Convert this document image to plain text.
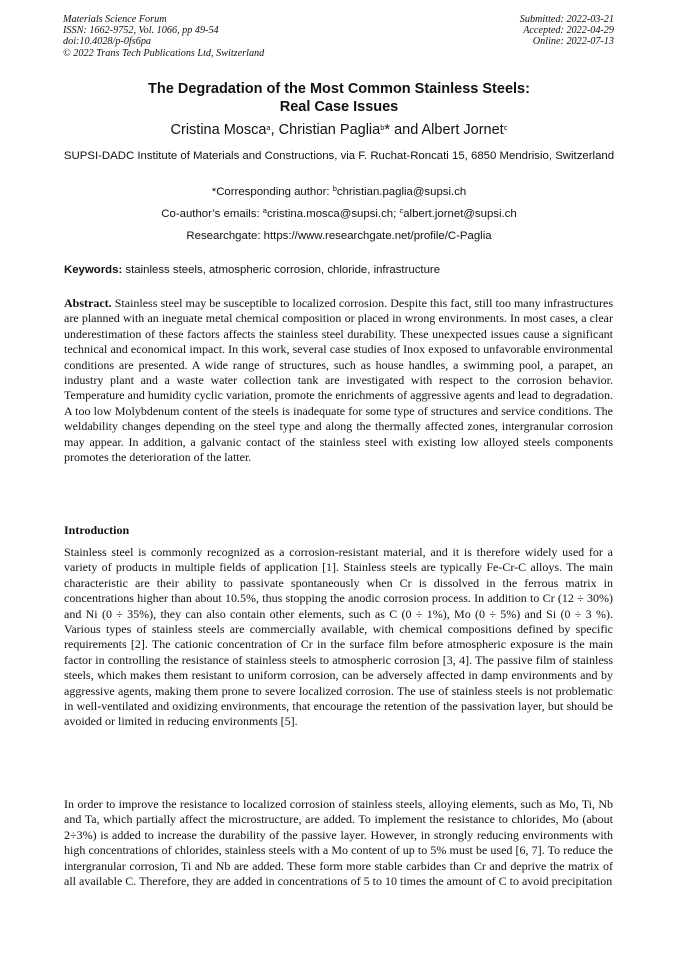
Materials Science Forum
ISSN: 1662-9752, Vol. 1066, pp 49-54
doi:10.4028/p-0fs6pa
© 2022 Trans Tech Publications Ltd, Switzerland
Submitted: 2022-03-21
Accepted: 2022-04-29
Online: 2022-07-13
The Degradation of the Most Common Stainless Steels:
Real Case Issues
Cristina Mosca$^a$, Christian Paglia$^b$* and Albert Jornet$^c$
SUPSI-DADC Institute of Materials and Constructions, via F. Ruchat-Roncati 15, 6850 Mendrisio, Switzerland
*Corresponding author: $^b$christian.paglia@supsi.ch
Co-author’s emails: $^a$cristina.mosca@supsi.ch; $^c$albert.jornet@supsi.ch
Researchgate: https://www.researchgate.net/profile/C-Paglia
Keywords: stainless steels, atmospheric corrosion, chloride, infrastructure
Abstract. Stainless steel may be susceptible to localized corrosion. Despite this fact, still too many infrastructures are planned with an ineguate metal chemical composition or placed in wrong environments. In most cases, a clear underestimation of these factors affects the stainless steel durability. These unexpected issues cause a significant technical and economical impact. In this work, several case studies of Inox exposed to unfavorable environmental conditions are presented. A wide range of structures, such as house handles, a swimming pool, a parapet, an industry plant and a waste water collection tank are investigated with respect to the corrosion behavior. Temperature and humidity cyclic variation, promote the enrichments of aggressive agents and lead to degradation. A too low Molybdenum content of the steels is inadequate for some type of structures and service conditions. The weldability changes depending on the steel type and along the thermally affected zones, intergranular corrosion may appear. In addition, a galvanic contact of the stainless steel with existing low alloyed steels components promotes the deterioration of the latter.
Introduction
Stainless steel is commonly recognized as a corrosion-resistant material, and it is therefore widely used for a variety of products in multiple fields of application [1]. Stainless steels are typically Fe-Cr-C alloys. The main characteristic are their ability to passivate spontaneously when Cr is dissolved in the ferrous matrix in concentrations higher than about 10.5%, thus stopping the anodic corrosion process. In addition to Cr (12 ÷ 30%) and Ni (0 ÷ 35%), they can also contain other elements, such as C (0 ÷ 1%), Mo (0 ÷ 5%) and Si (0 ÷ 3 %). Various types of stainless steels are commercially available, with chemical compositions defined by specific requirements [2]. The cationic concentration of Cr in the surface film before atmospheric exposure is the main factor in controlling the resistance of stainless steels to atmospheric corrosion [3, 4]. The passive film of stainless steels, which makes them resistant to uniform corrosion, can be adversely affected in damp environments and by aggressive agents, making them prone to severe localized corrosion. The use of stainless steels is not problematic in well-ventilated and oxidizing environments, that encourage the retention of the passivation layer, but should be avoided or limited in reducing environments [5].
In order to improve the resistance to localized corrosion of stainless steels, alloying elements, such as Mo, Ti, Nb and Ta, which partially affect the microstructure, are added. To implement the resistance to chlorides, Mo (about 2÷3%) is added to increase the durability of the passive layer. However, in strongly reducing environments with high concentrations of chlorides, stainless steels with a Mo content of up to 5% must be used [6, 7]. To reduce the intergranular corrosion, Ti and Nb are added. These form more stable carbides than Cr and deprive the matrix of all available C. Therefore, they are added in concentrations of 5 to 10 times the amount of C to avoid precipitation
